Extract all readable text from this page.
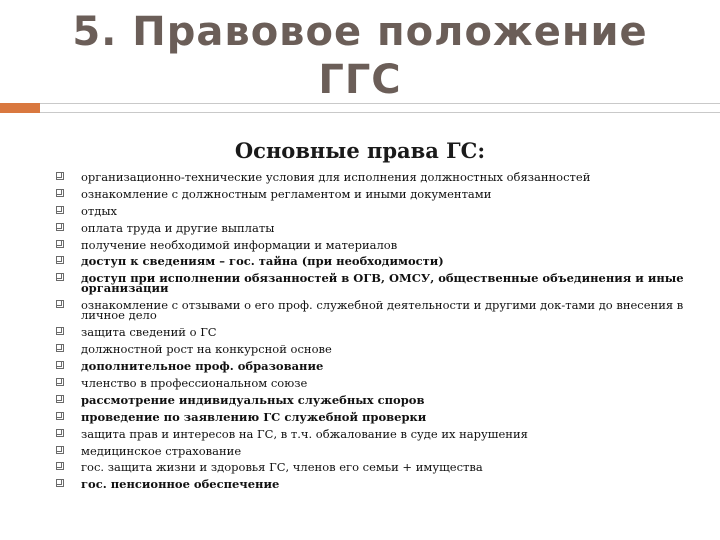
5. Правовое положение
ГГС
Основные права ГС:
организационно-технические условия для исполнения должностных обязанностей
ознакомление с должностным регламентом и иными документами
отдых
оплата труда и другие выплаты
получение необходимой информации и материалов
доступ к сведениям – гос. тайна (при необходимости)
доступ при исполнении обязанностей в ОГВ, ОМСУ, общественные объединения и иные организации
ознакомление с отзывами о его проф. служебной деятельности и другими док-тами до внесения в личное дело
защита сведений о ГС
должностной рост на конкурсной основе
дополнительное проф. образование
членство в профессиональном союзе
рассмотрение индивидуальных служебных споров
проведение по заявлению ГС служебной проверки
защита прав и интересов на ГС, в т.ч. обжалование в суде их нарушения
медицинское страхование
гос. защита жизни и здоровья ГС, членов его семьи + имущества
гос. пенсионное обеспечение
